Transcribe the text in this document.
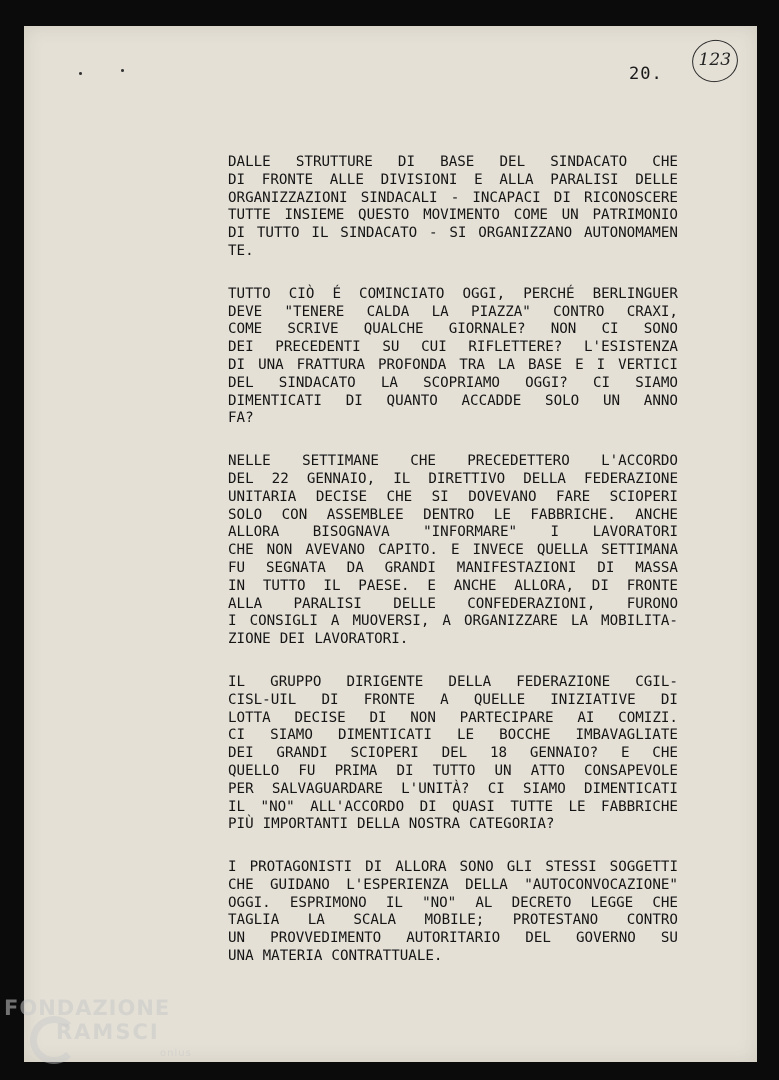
20.
123
DALLE STRUTTURE DI BASE DEL SINDACATO CHE
DI FRONTE ALLE DIVISIONI E ALLA PARALISI DELLE
ORGANIZZAZIONI SINDACALI - INCAPACI DI RICONOSCERE
TUTTE INSIEME QUESTO MOVIMENTO COME UN PATRIMONIO
DI TUTTO IL SINDACATO - SI ORGANIZZANO AUTONOMAMEN
TE.
TUTTO CIÒ É COMINCIATO OGGI, PERCHÉ BERLINGUER
DEVE "TENERE CALDA LA PIAZZA" CONTRO CRAXI,
COME SCRIVE QUALCHE GIORNALE? NON CI SONO
DEI PRECEDENTI SU CUI RIFLETTERE? L'ESISTENZA
DI UNA FRATTURA PROFONDA TRA LA BASE E I VERTICI
DEL SINDACATO LA SCOPRIAMO OGGI? CI SIAMO
DIMENTICATI DI QUANTO ACCADDE SOLO UN ANNO
FA?
NELLE SETTIMANE CHE PRECEDETTERO L'ACCORDO
DEL 22 GENNAIO, IL DIRETTIVO DELLA FEDERAZIONE
UNITARIA DECISE CHE SI DOVEVANO FARE SCIOPERI
SOLO CON ASSEMBLEE DENTRO LE FABBRICHE. ANCHE
ALLORA BISOGNAVA "INFORMARE" I LAVORATORI
CHE NON AVEVANO CAPITO. E INVECE QUELLA SETTIMANA
FU SEGNATA DA GRANDI MANIFESTAZIONI DI MASSA
IN TUTTO IL PAESE. E ANCHE ALLORA, DI FRONTE
ALLA PARALISI DELLE CONFEDERAZIONI, FURONO
I CONSIGLI A MUOVERSI, A ORGANIZZARE LA MOBILITA-
ZIONE DEI LAVORATORI.
IL GRUPPO DIRIGENTE DELLA FEDERAZIONE CGIL-
CISL-UIL DI FRONTE A QUELLE INIZIATIVE DI
LOTTA DECISE DI NON PARTECIPARE AI COMIZI.
CI SIAMO DIMENTICATI LE BOCCHE IMBAVAGLIATE
DEI GRANDI SCIOPERI DEL 18 GENNAIO? E CHE
QUELLO FU PRIMA DI TUTTO UN ATTO CONSAPEVOLE
PER SALVAGUARDARE L'UNITÀ? CI SIAMO DIMENTICATI
IL "NO" ALL'ACCORDO DI QUASI TUTTE LE FABBRICHE
PIÙ IMPORTANTI DELLA NOSTRA CATEGORIA?
I PROTAGONISTI DI ALLORA SONO GLI STESSI SOGGETTI
CHE GUIDANO L'ESPERIENZA DELLA "AUTOCONVOCAZIONE"
OGGI. ESPRIMONO IL "NO" AL DECRETO LEGGE CHE
TAGLIA LA SCALA MOBILE; PROTESTANO CONTRO
UN PROVVEDIMENTO AUTORITARIO DEL GOVERNO SU
UNA MATERIA CONTRATTUALE.
FONDAZIONE
RAMSCI
onlus
